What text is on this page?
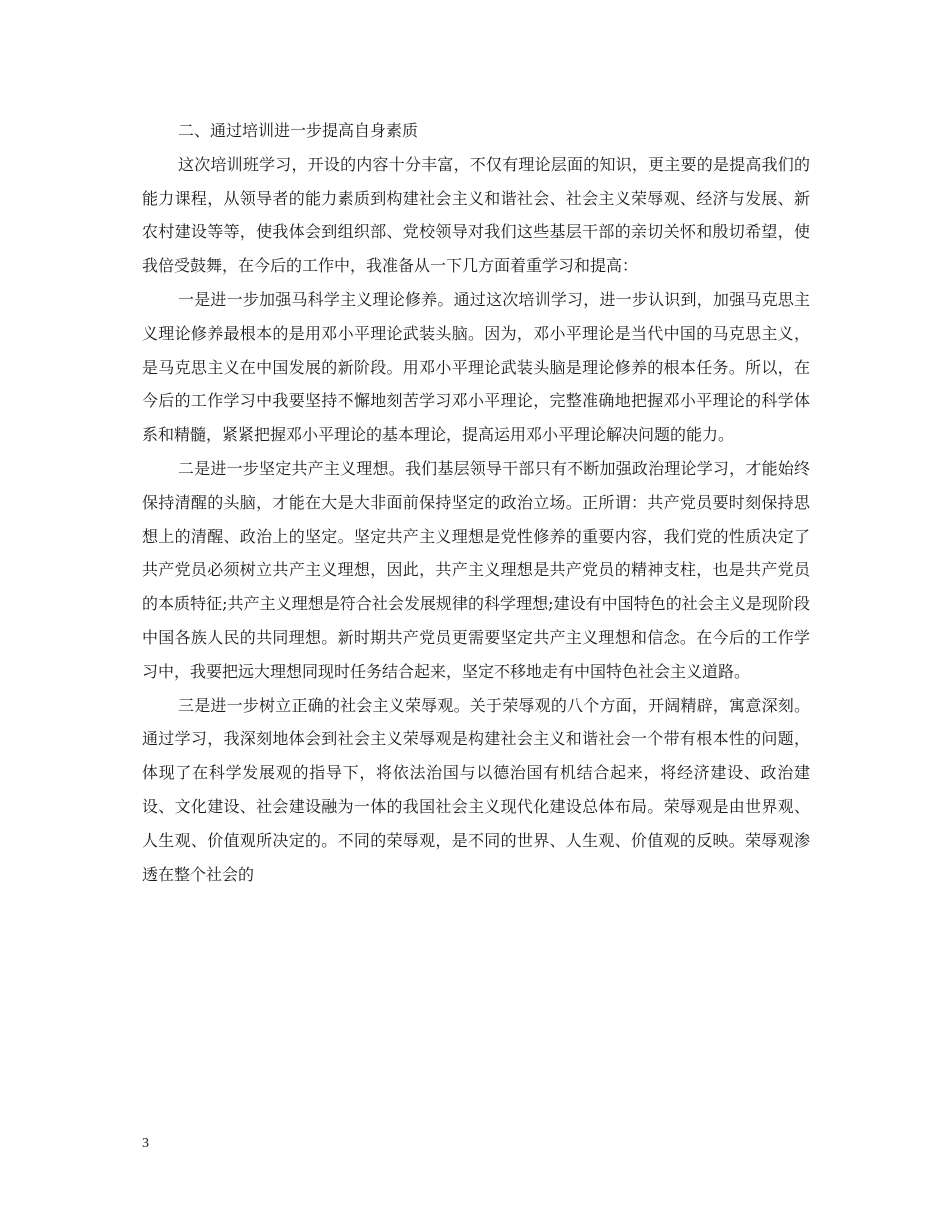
二、通过培训进一步提高自身素质

这次培训班学习，开设的内容十分丰富，不仅有理论层面的知识，更主要的是提高我们的能力课程，从领导者的能力素质到构建社会主义和谐社会、社会主义荣辱观、经济与发展、新农村建设等等，使我体会到组织部、党校领导对我们这些基层干部的亲切关怀和殷切希望，使我倍受鼓舞，在今后的工作中，我准备从一下几方面着重学习和提高：

一是进一步加强马科学主义理论修养。通过这次培训学习，进一步认识到，加强马克思主义理论修养最根本的是用邓小平理论武装头脑。因为，邓小平理论是当代中国的马克思主义，是马克思主义在中国发展的新阶段。用邓小平理论武装头脑是理论修养的根本任务。所以，在今后的工作学习中我要坚持不懈地刻苦学习邓小平理论，完整准确地把握邓小平理论的科学体系和精髓，紧紧把握邓小平理论的基本理论，提高运用邓小平理论解决问题的能力。

二是进一步坚定共产主义理想。我们基层领导干部只有不断加强政治理论学习，才能始终保持清醒的头脑，才能在大是大非面前保持坚定的政治立场。正所谓：共产党员要时刻保持思想上的清醒、政治上的坚定。坚定共产主义理想是党性修养的重要内容，我们党的性质决定了共产党员必须树立共产主义理想，因此，共产主义理想是共产党员的精神支柱，也是共产党员的本质特征;共产主义理想是符合社会发展规律的科学理想;建设有中国特色的社会主义是现阶段中国各族人民的共同理想。新时期共产党员更需要坚定共产主义理想和信念。在今后的工作学习中，我要把远大理想同现时任务结合起来，坚定不移地走有中国特色社会主义道路。

三是进一步树立正确的社会主义荣辱观。关于荣辱观的八个方面，开阔精辟，寓意深刻。通过学习，我深刻地体会到社会主义荣辱观是构建社会主义和谐社会一个带有根本性的问题，体现了在科学发展观的指导下，将依法治国与以德治国有机结合起来，将经济建设、政治建设、文化建设、社会建设融为一体的我国社会主义现代化建设总体布局。荣辱观是由世界观、人生观、价值观所决定的。不同的荣辱观，是不同的世界、人生观、价值观的反映。荣辱观渗透在整个社会的

3
